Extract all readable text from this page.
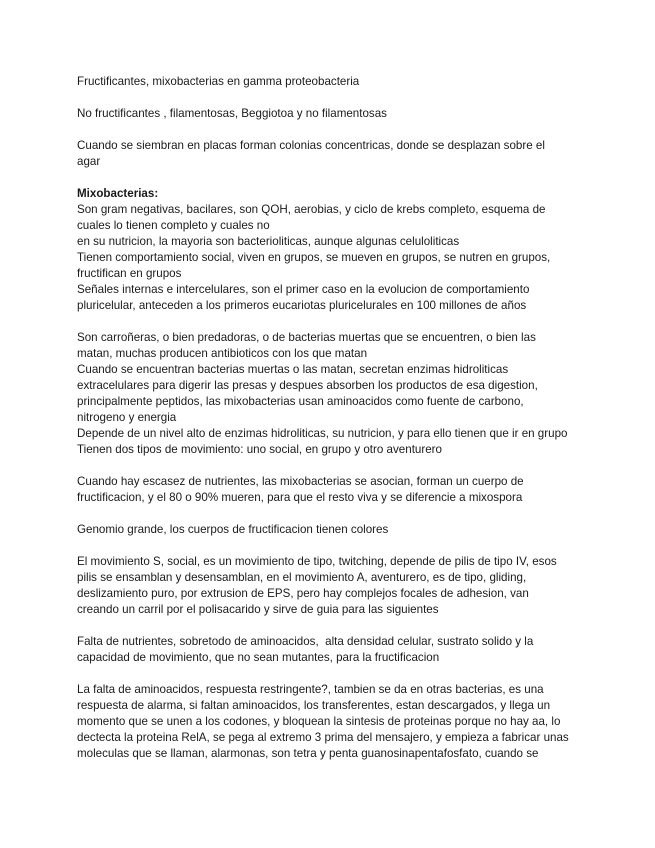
Fructificantes, mixobacterias en gamma proteobacteria
No fructificantes , filamentosas, Beggiotoa y no filamentosas
Cuando se siembran en placas forman colonias concentricas, donde se desplazan sobre el
agar
Mixobacterias:
Son gram negativas, bacilares, son QOH, aerobias, y ciclo de krebs completo, esquema de
cuales lo tienen completo y cuales no
en su nutricion, la mayoria son bacterioliticas, aunque algunas celuloliticas
Tienen comportamiento social, viven en grupos, se mueven en grupos, se nutren en grupos,
fructifican en grupos
Señales internas e intercelulares, son el primer caso en la evolucion de comportamiento
pluricelular, anteceden a los primeros eucariotas pluricelurales en 100 millones de años
Son carroñeras, o bien predadoras, o de bacterias muertas que se encuentren, o bien las
matan, muchas producen antibioticos con los que matan
Cuando se encuentran bacterias muertas o las matan, secretan enzimas hidroliticas
extracelulares para digerir las presas y despues absorben los productos de esa digestion,
principalmente peptidos, las mixobacterias usan aminoacidos como fuente de carbono,
nitrogeno y energia
Depende de un nivel alto de enzimas hidroliticas, su nutricion, y para ello tienen que ir en grupo
Tienen dos tipos de movimiento: uno social, en grupo y otro aventurero
Cuando hay escasez de nutrientes, las mixobacterias se asocian, forman un cuerpo de
fructificacion, y el 80 o 90% mueren, para que el resto viva y se diferencie a mixospora
Genomio grande, los cuerpos de fructificacion tienen colores
El movimiento S, social, es un movimiento de tipo, twitching, depende de pilis de tipo IV, esos
pilis se ensamblan y desensamblan, en el movimiento A, aventurero, es de tipo, gliding,
deslizamiento puro, por extrusion de EPS, pero hay complejos focales de adhesion, van
creando un carril por el polisacarido y sirve de guia para las siguientes
Falta de nutrientes, sobretodo de aminoacidos,  alta densidad celular, sustrato solido y la
capacidad de movimiento, que no sean mutantes, para la fructificacion
La falta de aminoacidos, respuesta restringente?, tambien se da en otras bacterias, es una
respuesta de alarma, si faltan aminoacidos, los transferentes, estan descargados, y llega un
momento que se unen a los codones, y bloquean la sintesis de proteinas porque no hay aa, lo
dectecta la proteina RelA, se pega al extremo 3 prima del mensajero, y empieza a fabricar unas
moleculas que se llaman, alarmonas, son tetra y penta guanosinapentafosfato, cuando se
